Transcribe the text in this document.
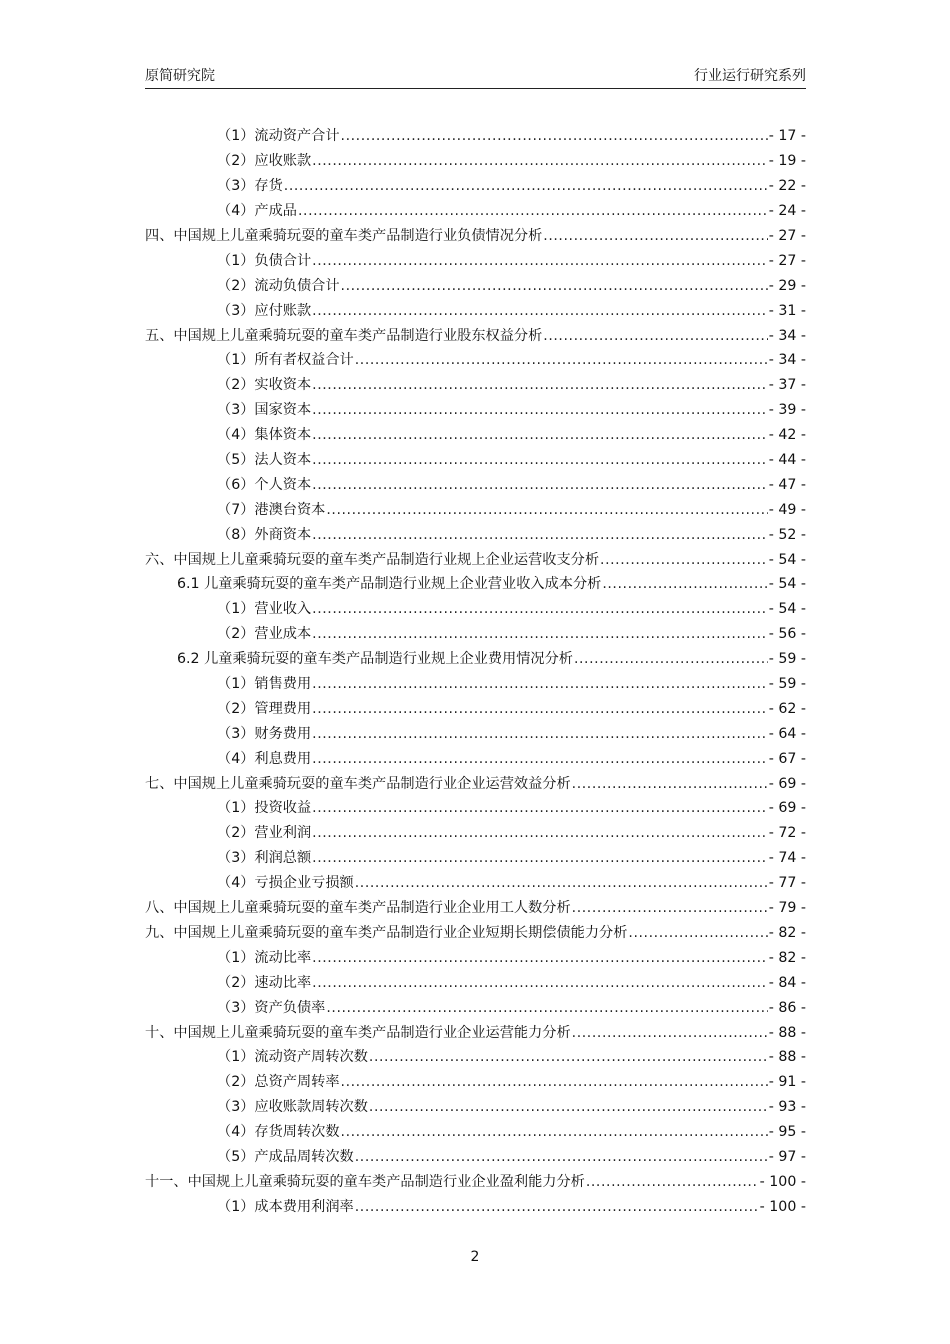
原简研究院	行业运行研究系列
（1）流动资产合计 .....	- 17 -
（2）应收账款 .....	- 19 -
（3）存货 .....	- 22 -
（4）产成品 .....	- 24 -
四、中国规上儿童乘骑玩耍的童车类产品制造行业负债情况分析 .....	- 27 -
（1）负债合计 .....	- 27 -
（2）流动负债合计 .....	- 29 -
（3）应付账款 .....	- 31 -
五、中国规上儿童乘骑玩耍的童车类产品制造行业股东权益分析 .....	- 34 -
（1）所有者权益合计 .....	- 34 -
（2）实收资本 .....	- 37 -
（3）国家资本 .....	- 39 -
（4）集体资本 .....	- 42 -
（5）法人资本 .....	- 44 -
（6）个人资本 .....	- 47 -
（7）港澳台资本 .....	- 49 -
（8）外商资本 .....	- 52 -
六、中国规上儿童乘骑玩耍的童车类产品制造行业规上企业运营收支分析 .....	- 54 -
6.1 儿童乘骑玩耍的童车类产品制造行业规上企业营业收入成本分析 .....	- 54 -
（1）营业收入 .....	- 54 -
（2）营业成本 .....	- 56 -
6.2 儿童乘骑玩耍的童车类产品制造行业规上企业费用情况分析 .....	- 59 -
（1）销售费用 .....	- 59 -
（2）管理费用 .....	- 62 -
（3）财务费用 .....	- 64 -
（4）利息费用 .....	- 67 -
七、中国规上儿童乘骑玩耍的童车类产品制造行业企业运营效益分析 .....	- 69 -
（1）投资收益 .....	- 69 -
（2）营业利润 .....	- 72 -
（3）利润总额 .....	- 74 -
（4）亏损企业亏损额 .....	- 77 -
八、中国规上儿童乘骑玩耍的童车类产品制造行业企业用工人数分析 .....	- 79 -
九、中国规上儿童乘骑玩耍的童车类产品制造行业企业短期长期偿债能力分析 .....	- 82 -
（1）流动比率 .....	- 82 -
（2）速动比率 .....	- 84 -
（3）资产负债率 .....	- 86 -
十、中国规上儿童乘骑玩耍的童车类产品制造行业企业运营能力分析 .....	- 88 -
（1）流动资产周转次数 .....	- 88 -
（2）总资产周转率 .....	- 91 -
（3）应收账款周转次数 .....	- 93 -
（4）存货周转次数 .....	- 95 -
（5）产成品周转次数 .....	- 97 -
十一、中国规上儿童乘骑玩耍的童车类产品制造行业企业盈利能力分析 .....	- 100 -
（1）成本费用利润率 .....	- 100 -
2
